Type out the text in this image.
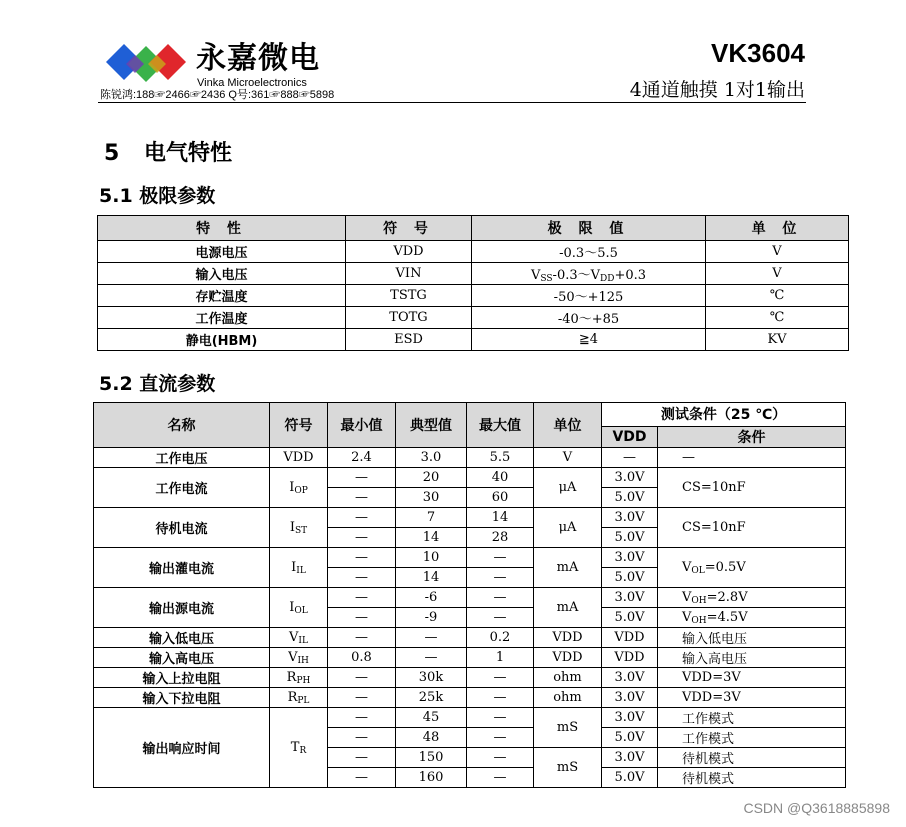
永嘉微电
Vinka Microelectronics
陈锐鸿:188☞2466☞2436 Q号:361☞888☞5898
VK3604
4通道触摸 1对1输出
5 电气特性
5.1 极限参数
特 性	符 号	极 限 值	单 位
电源电压	VDD	-0.3～5.5	V
输入电压	VIN	$V_{SS}-0.3\sim V_{DD}+0.3$	V
存贮温度	TSTG	-50～+125	℃
工作温度	TOTG	-40～+85	℃
静电(HBM)	ESD	≧4	KV
5.2 直流参数
名称	符号	最小值	典型值	最大值	单位	测试条件（25 ℃）	
						VDD	条件
工作电压	VDD	2.4	3.0	5.5	V	—	—
工作电流	$I_{OP}$	—	20	40	μA	3.0V	CS=10nF
		—	30	60		5.0V	
待机电流	$I_{ST}$	—	7	14	μA	3.0V	CS=10nF
		—	14	28		5.0V	
输出灌电流	$I_{IL}$	—	10	—	mA	3.0V	$V_{OL}=0.5V$
		—	14	—		5.0V	
输出源电流	$I_{OL}$	—	-6	—	mA	3.0V	$V_{OH}=2.8V$
		—	-9	—		5.0V	$V_{OH}=4.5V$
输入低电压	$V_{IL}$	—	—	0.2	VDD	VDD	输入低电压
输入高电压	$V_{IH}$	0.8	—	1	VDD	VDD	输入高电压
输入上拉电阻	$R_{PH}$	—	30k	—	ohm	3.0V	VDD=3V
输入下拉电阻	$R_{PL}$	—	25k	—	ohm	3.0V	VDD=3V
输出响应时间	$T_R$	—	45	—	mS	3.0V	工作模式
		—	48	—		5.0V	工作模式
		—	150	—	mS	3.0V	待机模式
		—	160	—		5.0V	待机模式
CSDN @Q3618885898
